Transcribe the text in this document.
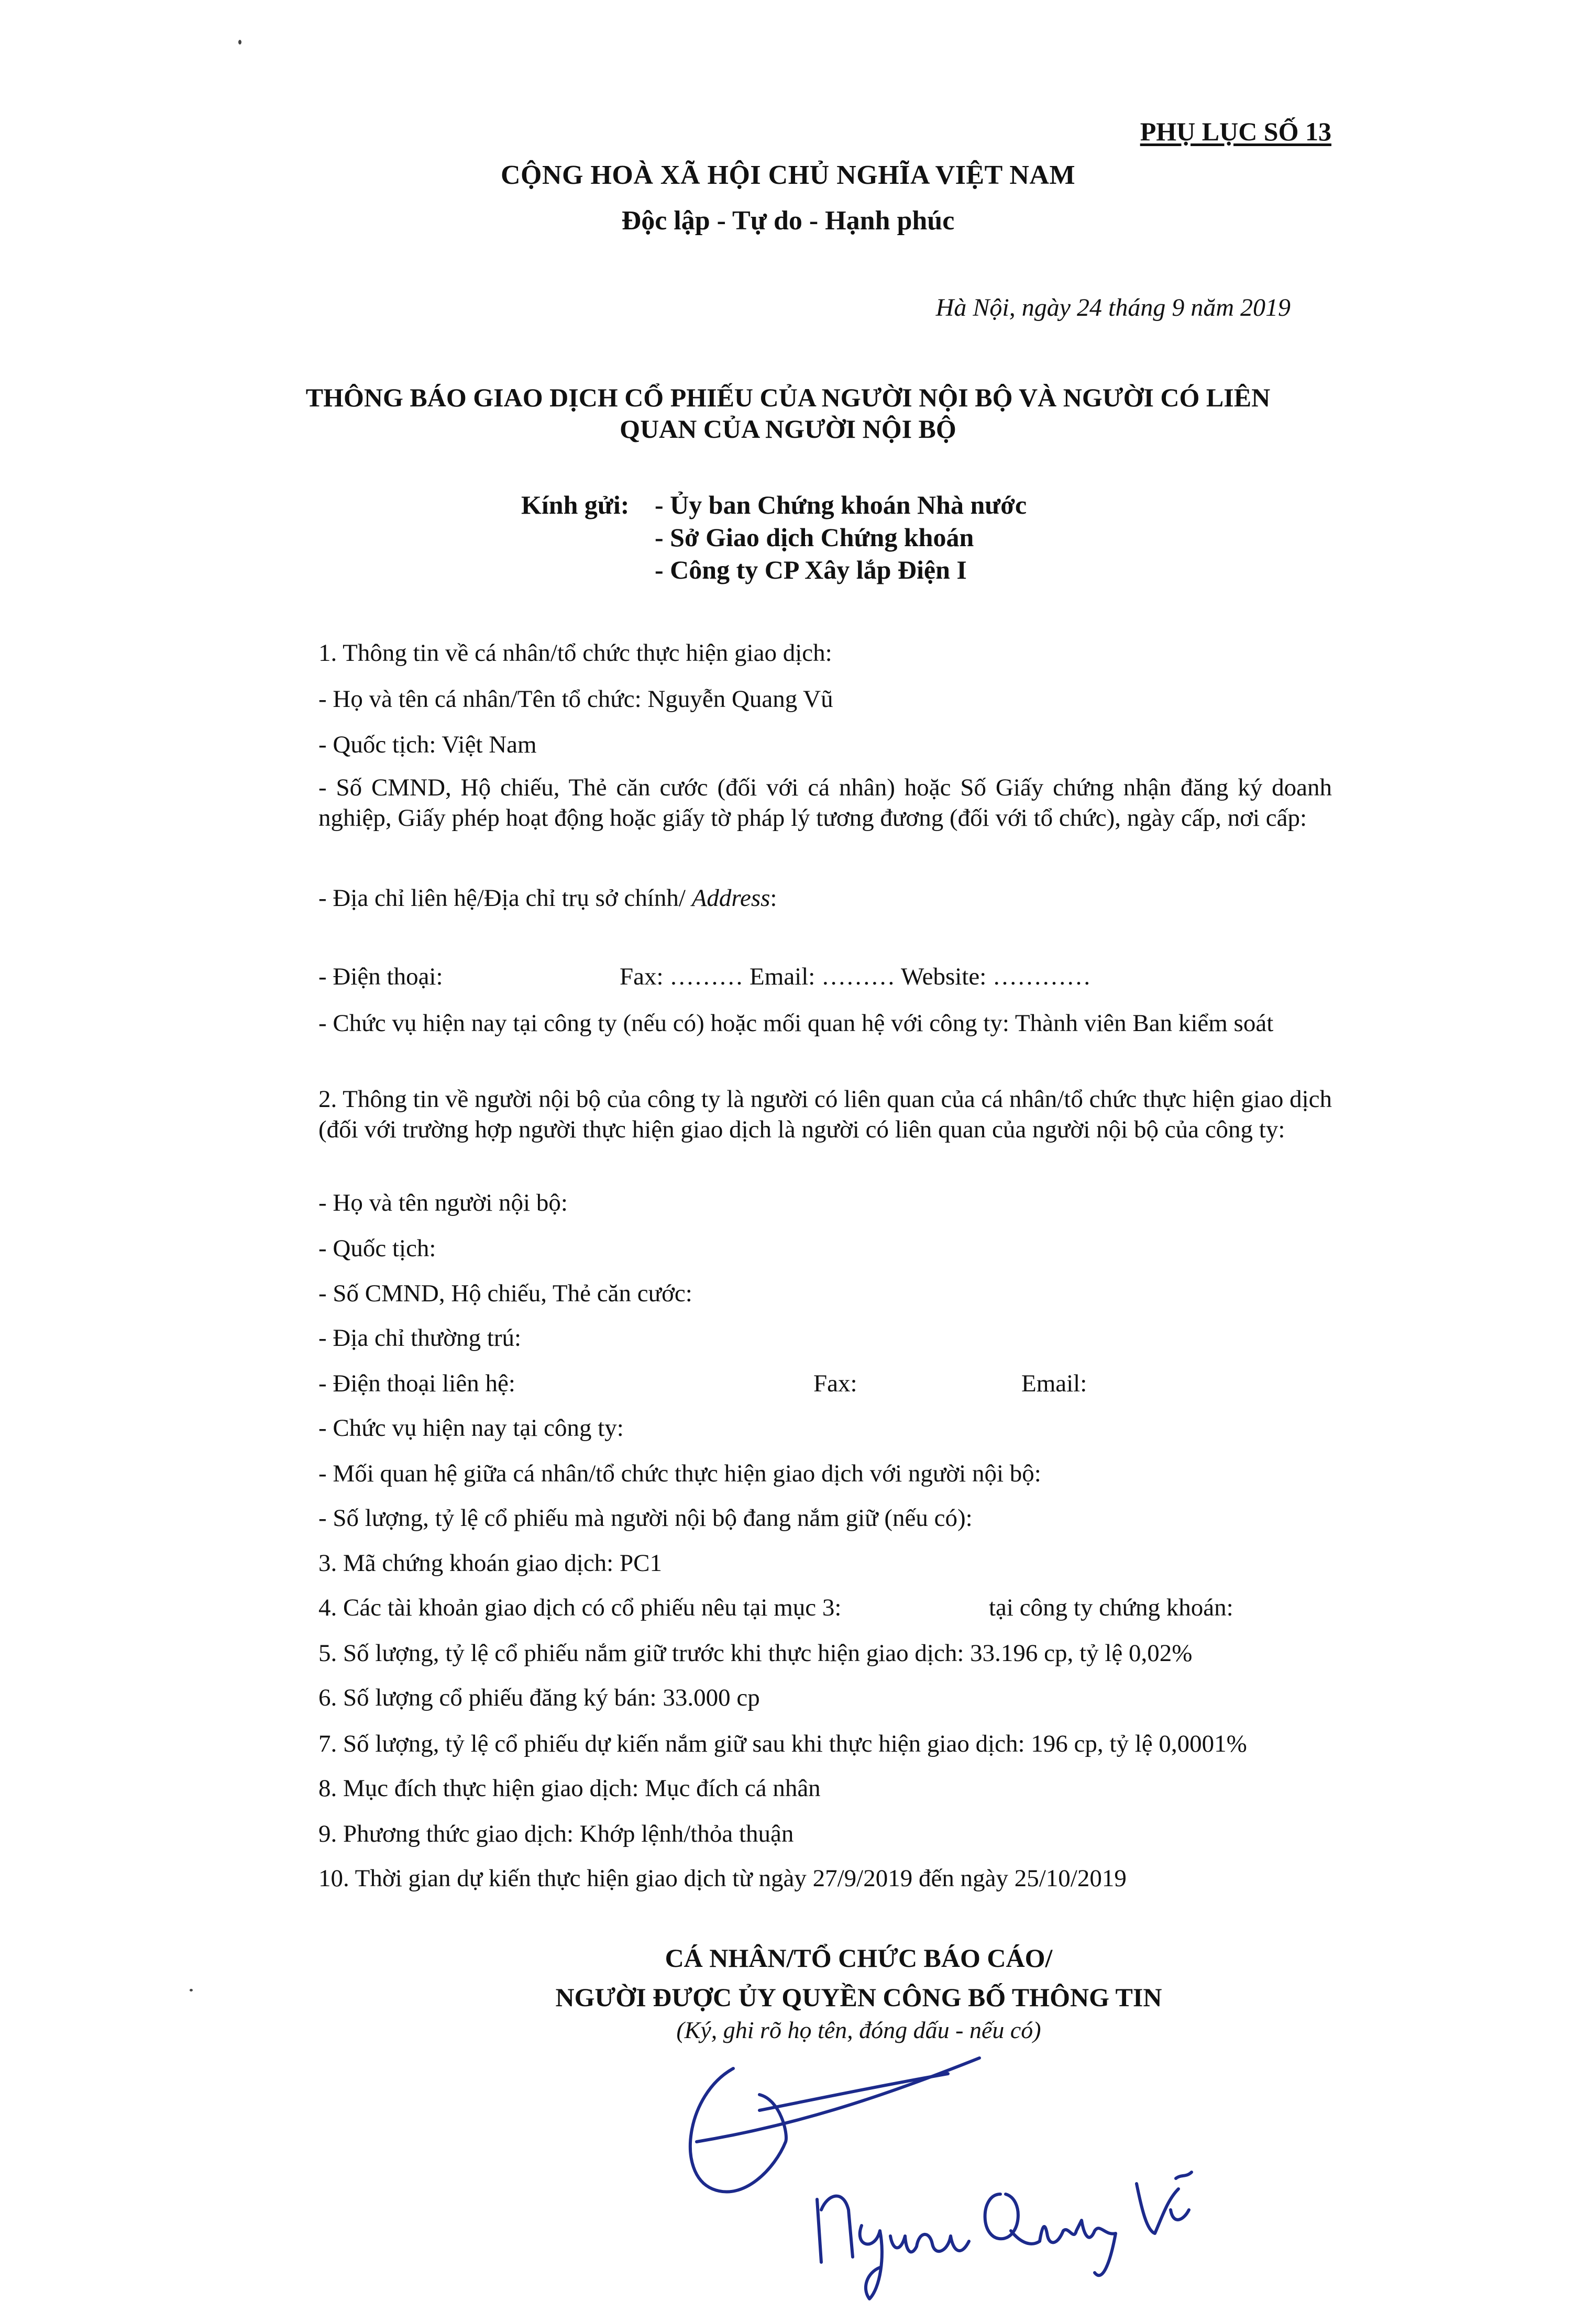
PHỤ LỤC SỐ 13
CỘNG HOÀ XÃ HỘI CHỦ NGHĨA VIỆT NAM
Độc lập - Tự do - Hạnh phúc
Hà Nội, ngày 24 tháng 9 năm 2019
THÔNG BÁO GIAO DỊCH CỔ PHIẾU CỦA NGƯỜI NỘI BỘ VÀ NGƯỜI CÓ LIÊN
QUAN CỦA NGƯỜI NỘI BỘ
Kính gửi: - Ủy ban Chứng khoán Nhà nước
- Sở Giao dịch Chứng khoán
- Công ty CP Xây lắp Điện I
1. Thông tin về cá nhân/tổ chức thực hiện giao dịch:
- Họ và tên cá nhân/Tên tổ chức: Nguyễn Quang Vũ
- Quốc tịch: Việt Nam
- Số CMND, Hộ chiếu, Thẻ căn cước (đối với cá nhân) hoặc Số Giấy chứng nhận đăng ký doanh nghiệp, Giấy phép hoạt động hoặc giấy tờ pháp lý tương đương (đối với tổ chức), ngày cấp, nơi cấp:
- Địa chỉ liên hệ/Địa chỉ trụ sở chính/ Address:
- Điện thoại:	Fax: ……… Email: ……… Website: …………
- Chức vụ hiện nay tại công ty (nếu có) hoặc mối quan hệ với công ty: Thành viên Ban kiểm soát
2. Thông tin về người nội bộ của công ty là người có liên quan của cá nhân/tổ chức thực hiện giao dịch (đối với trường hợp người thực hiện giao dịch là người có liên quan của người nội bộ của công ty:
- Họ và tên người nội bộ:
- Quốc tịch:
- Số CMND, Hộ chiếu, Thẻ căn cước:
- Địa chỉ thường trú:
- Điện thoại liên hệ:	Fax:	Email:
- Chức vụ hiện nay tại công ty:
- Mối quan hệ giữa cá nhân/tổ chức thực hiện giao dịch với người nội bộ:
- Số lượng, tỷ lệ cổ phiếu mà người nội bộ đang nắm giữ (nếu có):
3. Mã chứng khoán giao dịch: PC1
4. Các tài khoản giao dịch có cổ phiếu nêu tại mục 3:	tại công ty chứng khoán:
5. Số lượng, tỷ lệ cổ phiếu nắm giữ trước khi thực hiện giao dịch: 33.196 cp, tỷ lệ 0,02%
6. Số lượng cổ phiếu đăng ký bán: 33.000 cp
7. Số lượng, tỷ lệ cổ phiếu dự kiến nắm giữ sau khi thực hiện giao dịch: 196 cp, tỷ lệ 0,0001%
8. Mục đích thực hiện giao dịch: Mục đích cá nhân
9. Phương thức giao dịch: Khớp lệnh/thỏa thuận
10. Thời gian dự kiến thực hiện giao dịch từ ngày 27/9/2019 đến ngày 25/10/2019
CÁ NHÂN/TỔ CHỨC BÁO CÁO/
NGƯỜI ĐƯỢC ỦY QUYỀN CÔNG BỐ THÔNG TIN
(Ký, ghi rõ họ tên, đóng dấu - nếu có)
